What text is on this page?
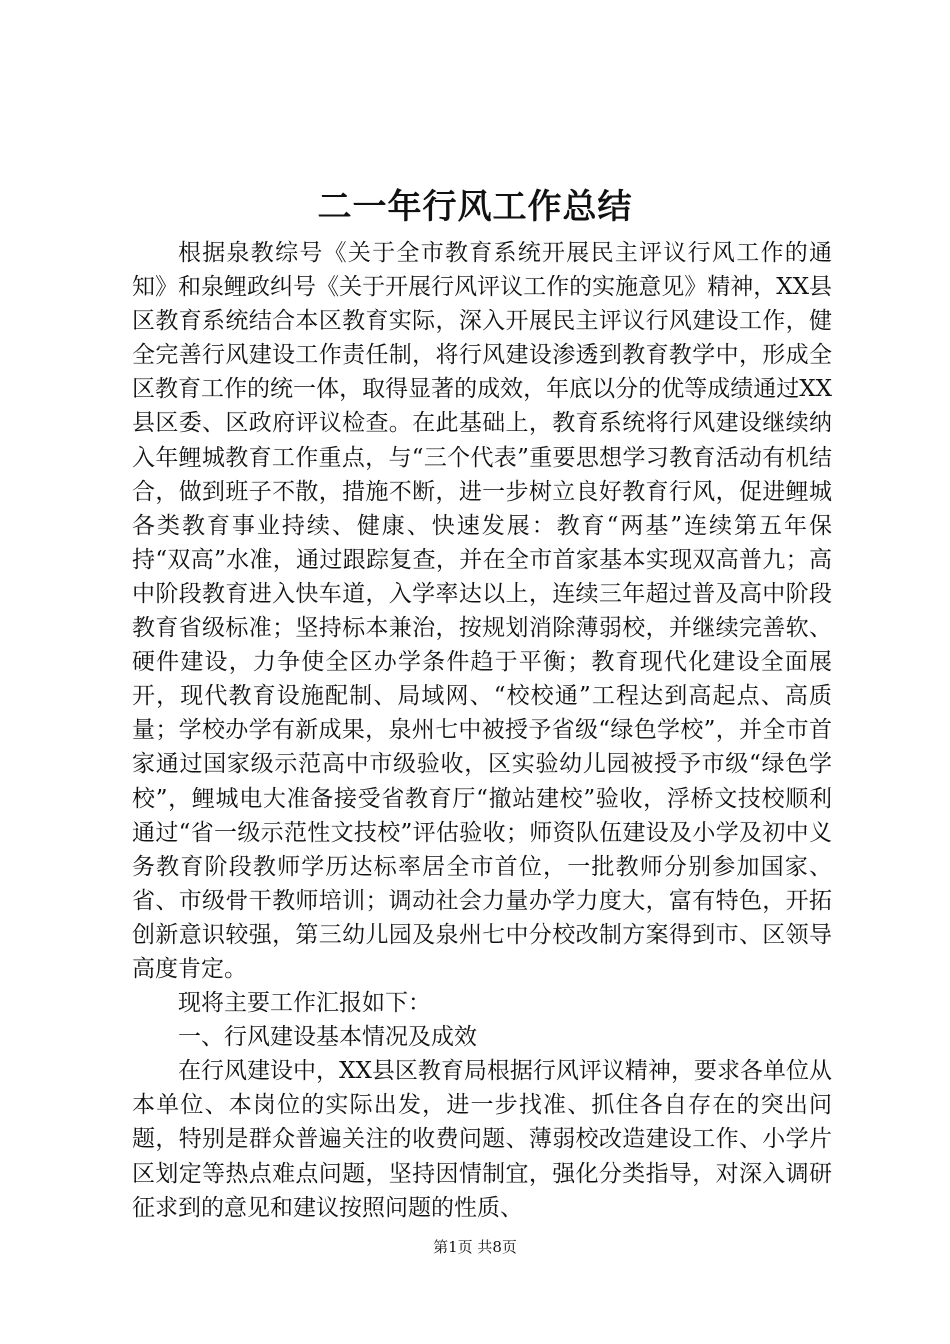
二一年行风工作总结

根据泉教综号《关于全市教育系统开展民主评议行风工作的通知》和泉鲤政纠号《关于开展行风评议工作的实施意见》精神，XX县区教育系统结合本区教育实际，深入开展民主评议行风建设工作，健全完善行风建设工作责任制，将行风建设渗透到教育教学中，形成全区教育工作的统一体，取得显著的成效，年底以分的优等成绩通过XX县区委、区政府评议检查。在此基础上，教育系统将行风建设继续纳入年鲤城教育工作重点，与“三个代表”重要思想学习教育活动有机结合，做到班子不散，措施不断，进一步树立良好教育行风，促进鲤城各类教育事业持续、健康、快速发展：教育“两基”连续第五年保持“双高”水准，通过跟踪复查，并在全市首家基本实现双高普九；高中阶段教育进入快车道，入学率达以上，连续三年超过普及高中阶段教育省级标准；坚持标本兼治，按规划消除薄弱校，并继续完善软、硬件建设，力争使全区办学条件趋于平衡；教育现代化建设全面展开，现代教育设施配制、局域网、“校校通”工程达到高起点、高质量；学校办学有新成果，泉州七中被授予省级“绿色学校”，并全市首家通过国家级示范高中市级验收，区实验幼儿园被授予市级“绿色学校”，鲤城电大准备接受省教育厅“撤站建校”验收，浮桥文技校顺利通过“省一级示范性文技校”评估验收；师资队伍建设及小学及初中义务教育阶段教师学历达标率居全市首位，一批教师分别参加国家、省、市级骨干教师培训；调动社会力量办学力度大，富有特色，开拓创新意识较强，第三幼儿园及泉州七中分校改制方案得到市、区领导高度肯定。

现将主要工作汇报如下：

一、行风建设基本情况及成效

在行风建设中，XX县区教育局根据行风评议精神，要求各单位从本单位、本岗位的实际出发，进一步找准、抓住各自存在的突出问题，特别是群众普遍关注的收费问题、薄弱校改造建设工作、小学片区划定等热点难点问题，坚持因情制宜，强化分类指导，对深入调研征求到的意见和建议按照问题的性质、

第1页 共8页
